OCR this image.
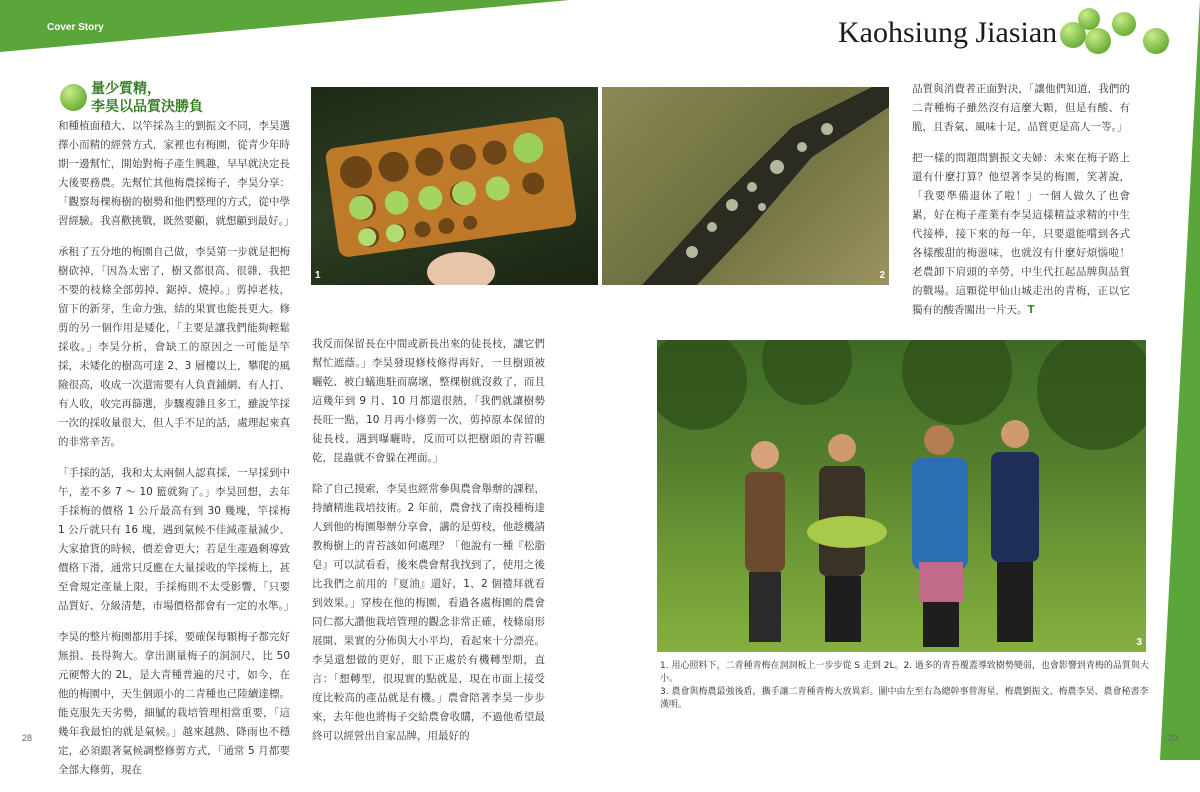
Cover Story	Kaohsiung Jiasian
量少質精，
李昊以品質決勝負

和種植面積大、以竿採為主的劉振文不同，李昊選擇小而精的經營方式，家裡也有梅園，從青少年時期一邊幫忙，開始對梅子產生興趣，早早就決定長大後要務農。先幫忙其他梅農採梅子，李昊分享：「觀察每棵梅樹的樹勢和他們整理的方式，從中學習經驗。我喜歡挑戰，既然要顧，就想顧到最好。」

承租了五分地的梅園自己做，李昊第一步就是把梅樹砍掉，「因為太密了，樹又都很高、很雜，我把不要的枝條全部剪掉、鋸掉、燒掉。」剪掉老枝，留下的新芽，生命力強，結的果實也能長更大。修剪的另一個作用是矮化，「主要是讓我們能夠輕鬆採收。」李昊分析，會缺工的原因之一可能是竿採，未矮化的樹高可達 2、3 層樓以上，攀爬的風險很高，收成一次還需要有人負責鋪網、有人打、有人收，收完再篩選，步驟複雜且多工，雖說竿採一次的採收量很大，但人手不足的話，處理起來真的非常辛苦。

「手採的話，我和太太兩個人認真採，一早採到中午，差不多 7 ～ 10 籃就夠了。」李昊回想，去年手採梅的價格 1 公斤最高有到 30 幾塊，竿採梅 1 公斤就只有 16 塊，遇到氣候不佳減產量減少、大家搶貨的時候，價差會更大；若是生產過剩導致價格下滑，通常只反應在大量採收的竿採梅上，甚至會規定產量上限，手採梅則不太受影響，「只要品質好、分級清楚，市場價格都會有一定的水準。」

李昊的整片梅園都用手採，要確保每顆梅子都完好無損、長得夠大。拿出測量梅子的洞洞尺，比 50 元硬幣大的 2L，是大青種普遍的尺寸，如今，在他的梅園中，天生個頭小的二青種也已陸續達標。能克服先天劣勢，細膩的栽培管理相當重要，「這幾年我最怕的就是氣候。」越來越熱、降雨也不穩定，必須跟著氣候調整修剪方式，「通常 5 月都要全部大修剪，現在

1	2

我反而保留長在中間或新長出來的徒長枝，讓它們幫忙遮蔭。」李昊發現修枝修得再好，一旦樹頭被曬乾、被白蟻進駐而腐壞，整棵樹就沒救了，而且這幾年到 9 月、10 月都還很熱，「我們就讓樹勢長旺一點，10 月再小修剪一次，剪掉原本保留的徒長枝，遇到曝曬時，反而可以把樹頭的青苔曬乾，昆蟲就不會躲在裡面。」

除了自己摸索，李昊也經常參與農會舉辦的課程，持續精進栽培技術。2 年前，農會找了南投種梅達人到他的梅園舉辦分享會，講的是剪枝，他趁機請教梅樹上的青苔該如何處理？「他說有一種『松脂皂』可以試看看，後來農會幫我找到了，使用之後比我們之前用的『夏油』還好，1、2 個禮拜就看到效果。」穿梭在他的梅園，看過各處梅園的農會同仁都大讚他栽培管理的觀念非常正確，枝條扇形展開、果實的分佈與大小平均，看起來十分漂亮。李昊還想做的更好，眼下正處於有機轉型期，直言：「想轉型，很現實的點就是，現在市面上接受度比較高的產品就是有機。」農會陪著李昊一步步來，去年他也將梅子交給農會收購，不過他希望最終可以經營出自家品牌，用最好的

品質與消費者正面對決，「讓他們知道，我們的二青種梅子雖然沒有這麼大顆，但是有酸、有脆，且香氣、風味十足，品質更是高人一等。」

把一樣的問題問劉振文夫婦：未來在梅子路上還有什麼打算？他望著李昊的梅園，笑著說，「我要準備退休了啦！」一個人做久了也會累，好在梅子產業有李昊這樣精益求精的中生代接棒，接下來的每一年，只要還能嚐到各式各樣酸甜的梅滋味，也就沒有什麼好煩惱啦！老農卸下肩頭的辛勞，中生代扛起品牌與品質的戰場。這顆從甲仙山城走出的青梅，正以它獨有的酸香闖出一片天。T

3
1. 用心照料下，二青種青梅在洞洞板上一步步從 S 走到 2L。2. 過多的青苔覆蓋導致樹勢變弱，也會影響到青梅的品質與大小。
3. 農會與梅農最強後盾，攜手讓二青種青梅大放異彩。圖中由左至右為總幹事曾海星、梅農劉振文、梅農李昊、農會秘書李漢明。
28	29
